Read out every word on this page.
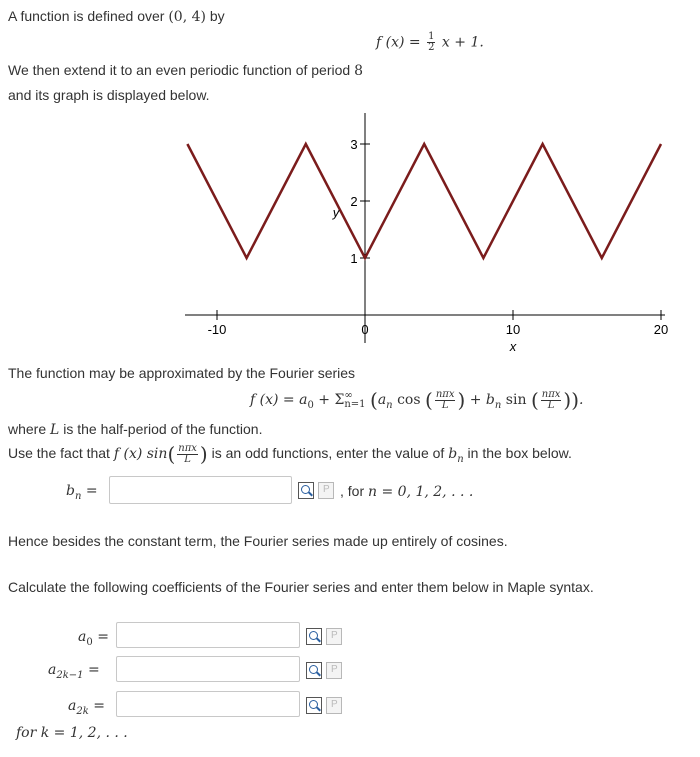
A function is defined over (0, 4) by
f $(x) = \frac{1}{2}$ x + 1.
We then extend it to an even periodic function of period 8
and its graph is displayed below.
-10	0	10	20
1
2
3
x
y
The function may be approximated by the Fourier series
f $(x) = a_0 + \Sigma$ ∞
n=1 ($a_n$ cos ( $\frac{\text{nπx}}{L}$ ) + $b_n$ sin ( $\frac{\text{nπx}}{L}$ )).
where L is the half-period of the function.
Use the fact that f (x) $\sin( \frac{\text{nπx}}{L}$ ) is an odd functions, enter the value of $b_n$ in the box below.
$b_n$ =
P	, for n = 0, 1, 2, . . .
Hence besides the constant term, the Fourier series made up entirely of cosines.
Calculate the following coefficients of the Fourier series and enter them below in Maple syntax.
$a_0$ =
P
$a_{2k-1}$ =
P
$a_{2k}$ =
P
for k = 1, 2, . . .
